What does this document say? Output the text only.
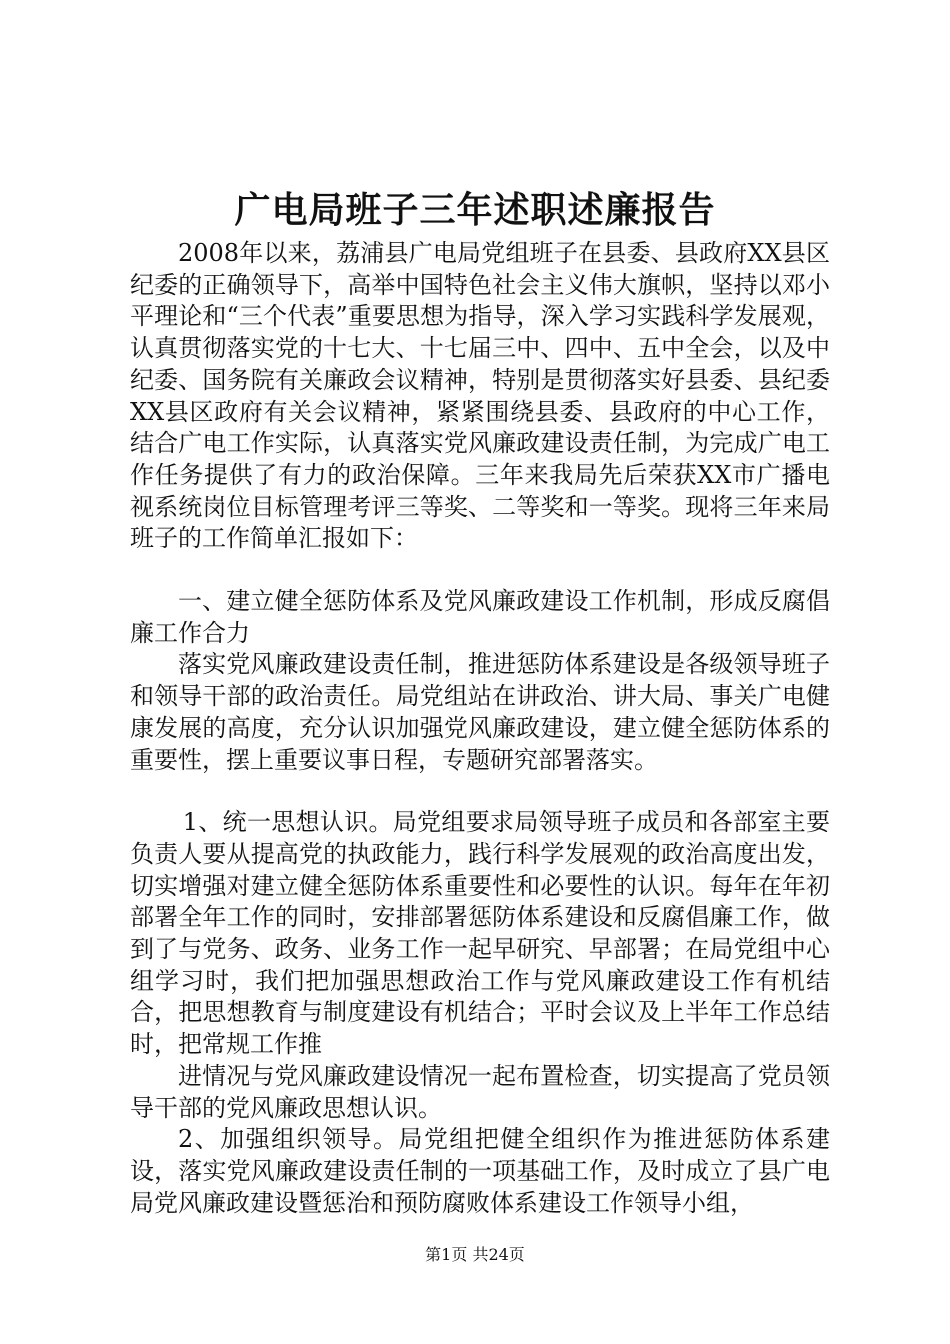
广电局班子三年述职述廉报告

2008年以来，荔浦县广电局党组班子在县委、县政府XX县区纪委的正确领导下，高举中国特色社会主义伟大旗帜，坚持以邓小平理论和“三个代表”重要思想为指导，深入学习实践科学发展观，认真贯彻落实党的十七大、十七届三中、四中、五中全会，以及中纪委、国务院有关廉政会议精神，特别是贯彻落实好县委、县纪委XX县区政府有关会议精神，紧紧围绕县委、县政府的中心工作，结合广电工作实际，认真落实党风廉政建设责任制，为完成广电工作任务提供了有力的政治保障。三年来我局先后荣获XX市广播电视系统岗位目标管理考评三等奖、二等奖和一等奖。现将三年来局班子的工作简单汇报如下：

一、建立健全惩防体系及党风廉政建设工作机制，形成反腐倡廉工作合力

落实党风廉政建设责任制，推进惩防体系建设是各级领导班子和领导干部的政治责任。局党组站在讲政治、讲大局、事关广电健康发展的高度，充分认识加强党风廉政建设，建立健全惩防体系的重要性，摆上重要议事日程，专题研究部署落实。

1、统一思想认识。局党组要求局领导班子成员和各部室主要负责人要从提高党的执政能力，践行科学发展观的政治高度出发，切实增强对建立健全惩防体系重要性和必要性的认识。每年在年初部署全年工作的同时，安排部署惩防体系建设和反腐倡廉工作，做到了与党务、政务、业务工作一起早研究、早部署；在局党组中心组学习时，我们把加强思想政治工作与党风廉政建设工作有机结合，把思想教育与制度建设有机结合；平时会议及上半年工作总结时，把常规工作推

进情况与党风廉政建设情况一起布置检查，切实提高了党员领导干部的党风廉政思想认识。

2、加强组织领导。局党组把健全组织作为推进惩防体系建设，落实党风廉政建设责任制的一项基础工作，及时成立了县广电局党风廉政建设暨惩治和预防腐败体系建设工作领导小组，

第1页 共24页
